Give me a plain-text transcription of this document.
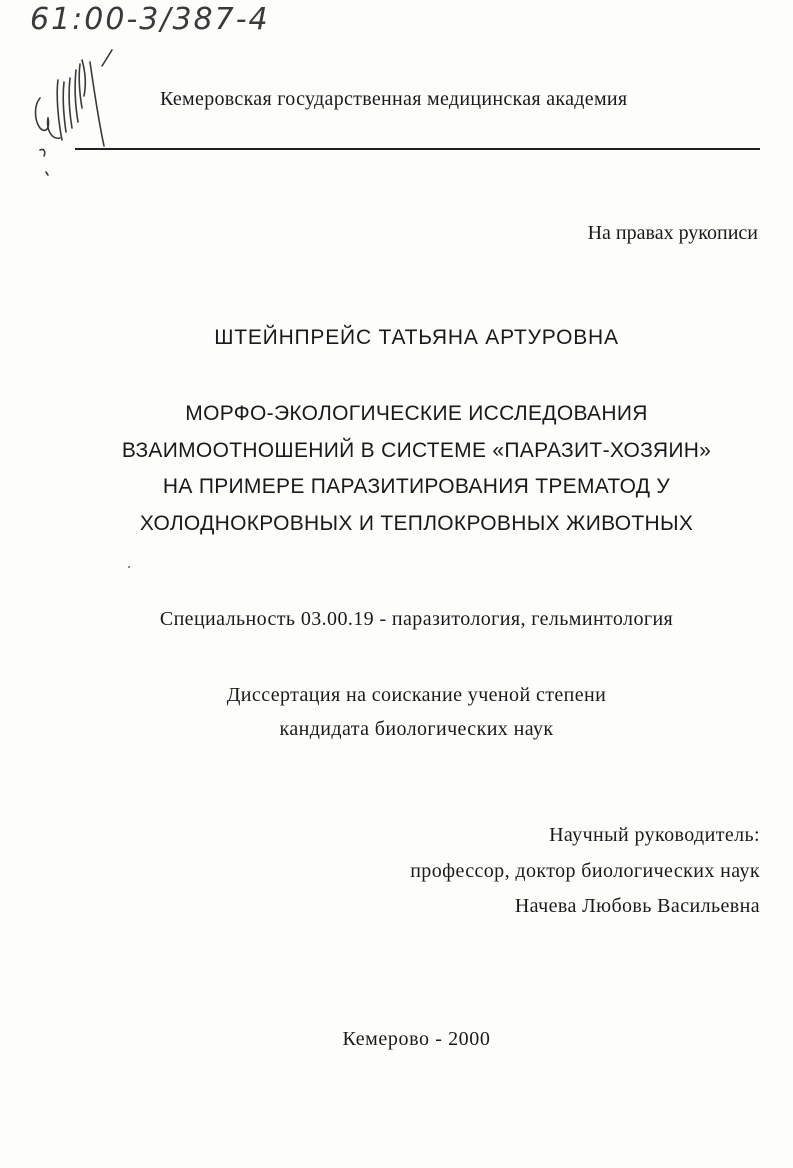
61:00-3/387-4
Кемеровская государственная медицинская академия
На правах рукописи
ШТЕЙНПРЕЙС ТАТЬЯНА АРТУРОВНА
МОРФО-ЭКОЛОГИЧЕСКИЕ ИССЛЕДОВАНИЯ
ВЗАИМООТНОШЕНИЙ В СИСТЕМЕ «ПАРАЗИТ-ХОЗЯИН»
НА ПРИМЕРЕ ПАРАЗИТИРОВАНИЯ ТРЕМАТОД У
ХОЛОДНОКРОВНЫХ И ТЕПЛОКРОВНЫХ ЖИВОТНЫХ
Специальность 03.00.19 - паразитология, гельминтология
Диссертация на соискание ученой степени
кандидата биологических наук
Научный руководитель:
профессор, доктор биологических наук
Начева Любовь Васильевна
Кемерово - 2000
